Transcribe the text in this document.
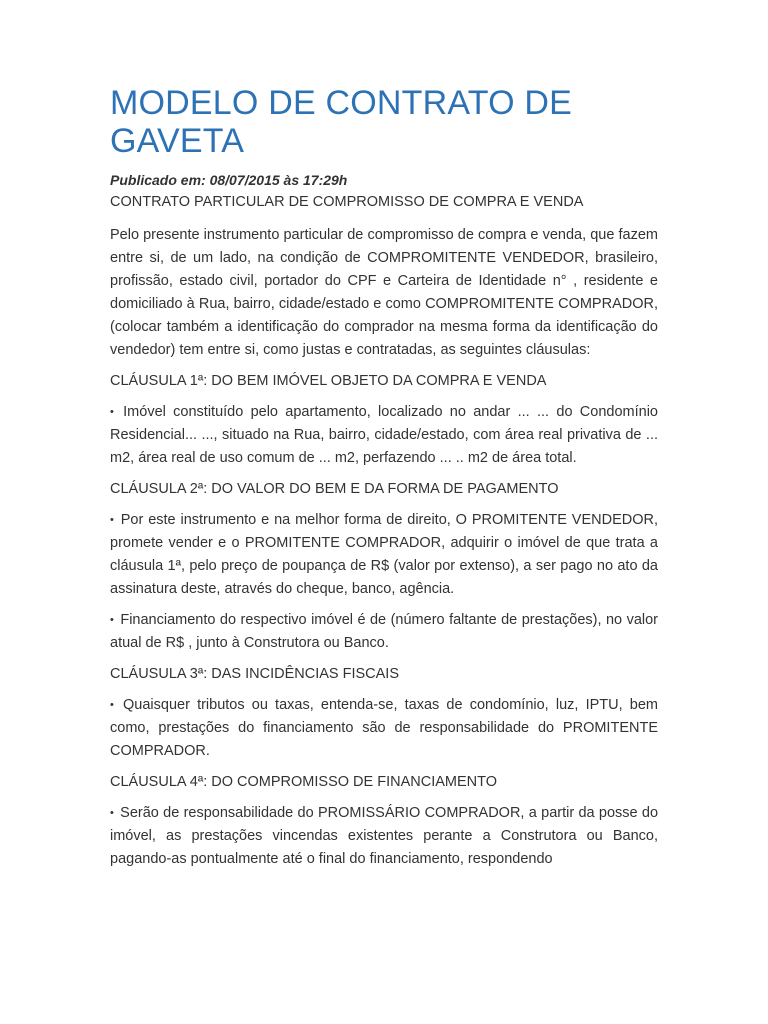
MODELO DE CONTRATO DE GAVETA
Publicado em: 08/07/2015 às 17:29h
CONTRATO PARTICULAR DE COMPROMISSO DE COMPRA E VENDA
Pelo presente instrumento particular de compromisso de compra e venda, que fazem entre si, de um lado, na condição de COMPROMITENTE VENDEDOR, brasileiro, profissão, estado civil, portador do CPF e Carteira de Identidade n° , residente e domiciliado à Rua, bairro, cidade/estado e como COMPROMITENTE COMPRADOR, (colocar também a identificação do comprador na mesma forma da identificação do vendedor) tem entre si, como justas e contratadas, as seguintes cláusulas:
CLÁUSULA 1ª: DO BEM IMÓVEL OBJETO DA COMPRA E VENDA
• Imóvel constituído pelo apartamento, localizado no andar ... ... do Condomínio Residencial... ..., situado na Rua, bairro, cidade/estado, com área real privativa de ... m2, área real de uso comum de ... m2, perfazendo ... .. m2 de área total.
CLÁUSULA 2ª: DO VALOR DO BEM E DA FORMA DE PAGAMENTO
• Por este instrumento e na melhor forma de direito, O PROMITENTE VENDEDOR, promete vender e o PROMITENTE COMPRADOR, adquirir o imóvel de que trata a cláusula 1ª, pelo preço de poupança de R$ (valor por extenso), a ser pago no ato da assinatura deste, através do cheque, banco, agência.
• Financiamento do respectivo imóvel é de (número faltante de prestações), no valor atual de R$ , junto à Construtora ou Banco.
CLÁUSULA 3ª: DAS INCIDÊNCIAS FISCAIS
• Quaisquer tributos ou taxas, entenda-se, taxas de condomínio, luz, IPTU, bem como, prestações do financiamento são de responsabilidade do PROMITENTE COMPRADOR.
CLÁUSULA 4ª: DO COMPROMISSO DE FINANCIAMENTO
• Serão de responsabilidade do PROMISSÁRIO COMPRADOR, a partir da posse do imóvel, as prestações vincendas existentes perante a Construtora ou Banco, pagando-as pontualmente até o final do financiamento, respondendo
